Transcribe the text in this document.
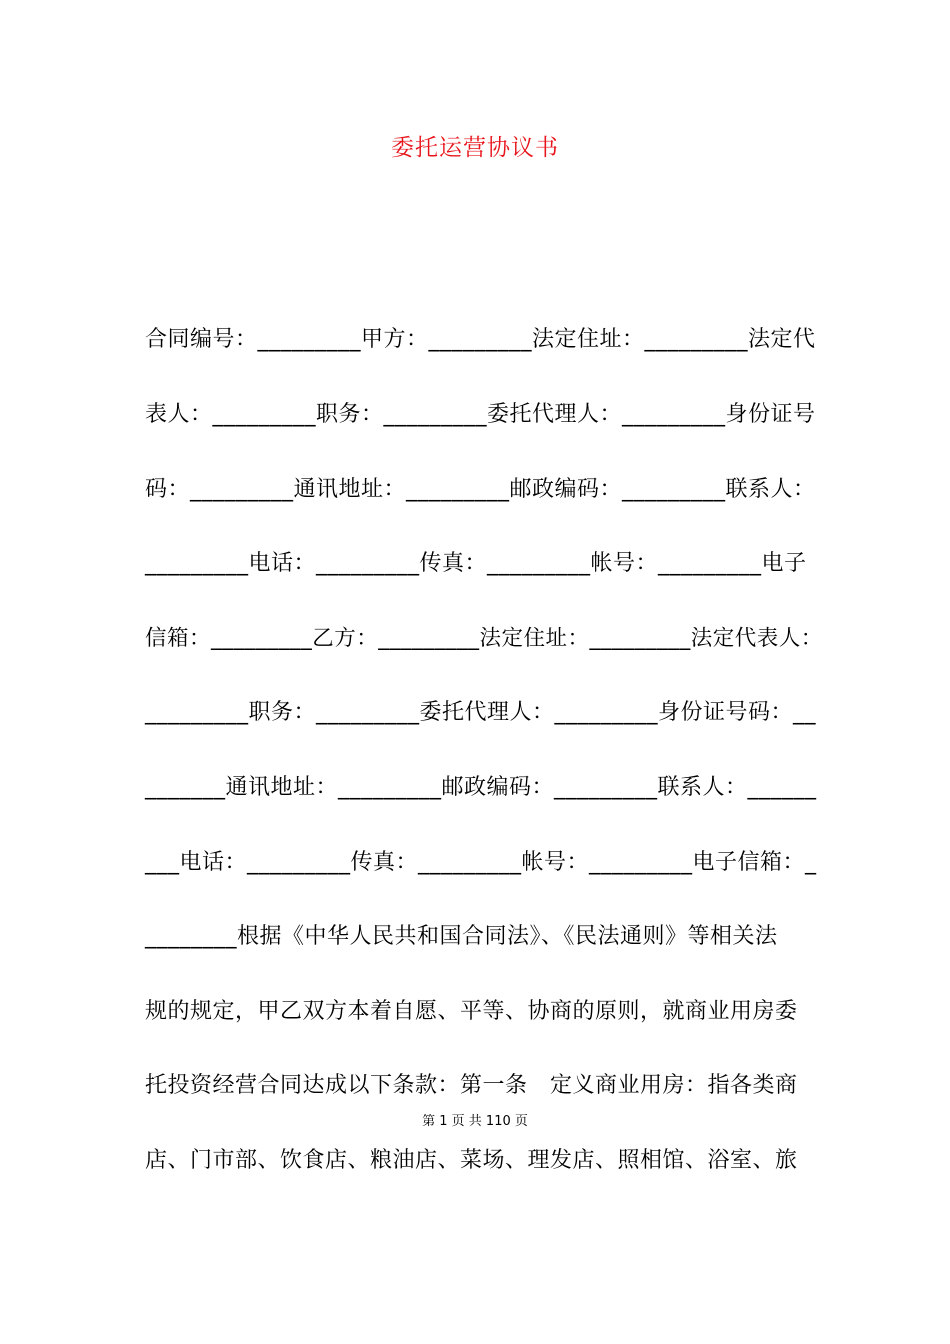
委托运营协议书
合同编号：_________甲方：_________法定住址：_________法定代
表人：_________职务：_________委托代理人：_________身份证号
码：_________通讯地址：_________邮政编码：_________联系人：
_________电话：_________传真：_________帐号：_________电子
信箱：_________乙方：_________法定住址：_________法定代表人：
_________职务：_________委托代理人：_________身份证号码：__
_______通讯地址：_________邮政编码：_________联系人：______
___电话：_________传真：_________帐号：_________电子信箱：_
________根据《中华人民共和国合同法》、《民法通则》等相关法
规的规定，甲乙双方本着自愿、平等、协商的原则，就商业用房委
托投资经营合同达成以下条款：第一条　定义商业用房：指各类商
第 1 页 共 110 页
店、门市部、饮食店、粮油店、菜场、理发店、照相馆、浴室、旅
